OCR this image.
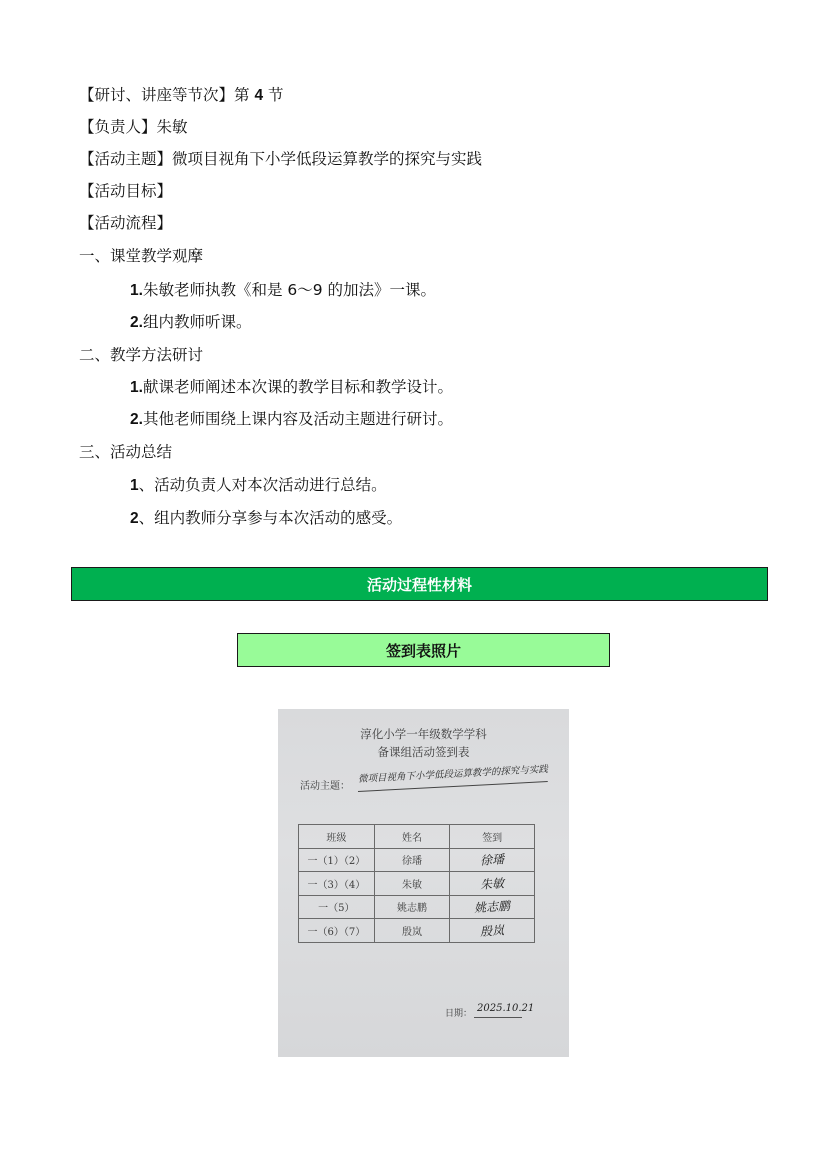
【研讨、讲座等节次】第 4 节
【负责人】朱敏
【活动主题】微项目视角下小学低段运算教学的探究与实践
【活动目标】
【活动流程】
一、课堂教学观摩
1.朱敏老师执教《和是 6～9 的加法》一课。
2.组内教师听课。
二、教学方法研讨
1.献课老师阐述本次课的教学目标和教学设计。
2.其他老师围绕上课内容及活动主题进行研讨。
三、活动总结
1、活动负责人对本次活动进行总结。
2、组内教师分享参与本次活动的感受。
活动过程性材料
签到表照片
淳化小学一年级数学学科
备课组活动签到表
活动主题：
微项目视角下小学低段运算教学的探究与实践
班级	姓名	签到
一（1）（2）	徐璠	徐璠
一（3）（4）	朱敏	朱敏
一（5）	姚志鹏	姚志鹏
一（6）（7）	殷岚	殷岚
日期： 2025.10.21
